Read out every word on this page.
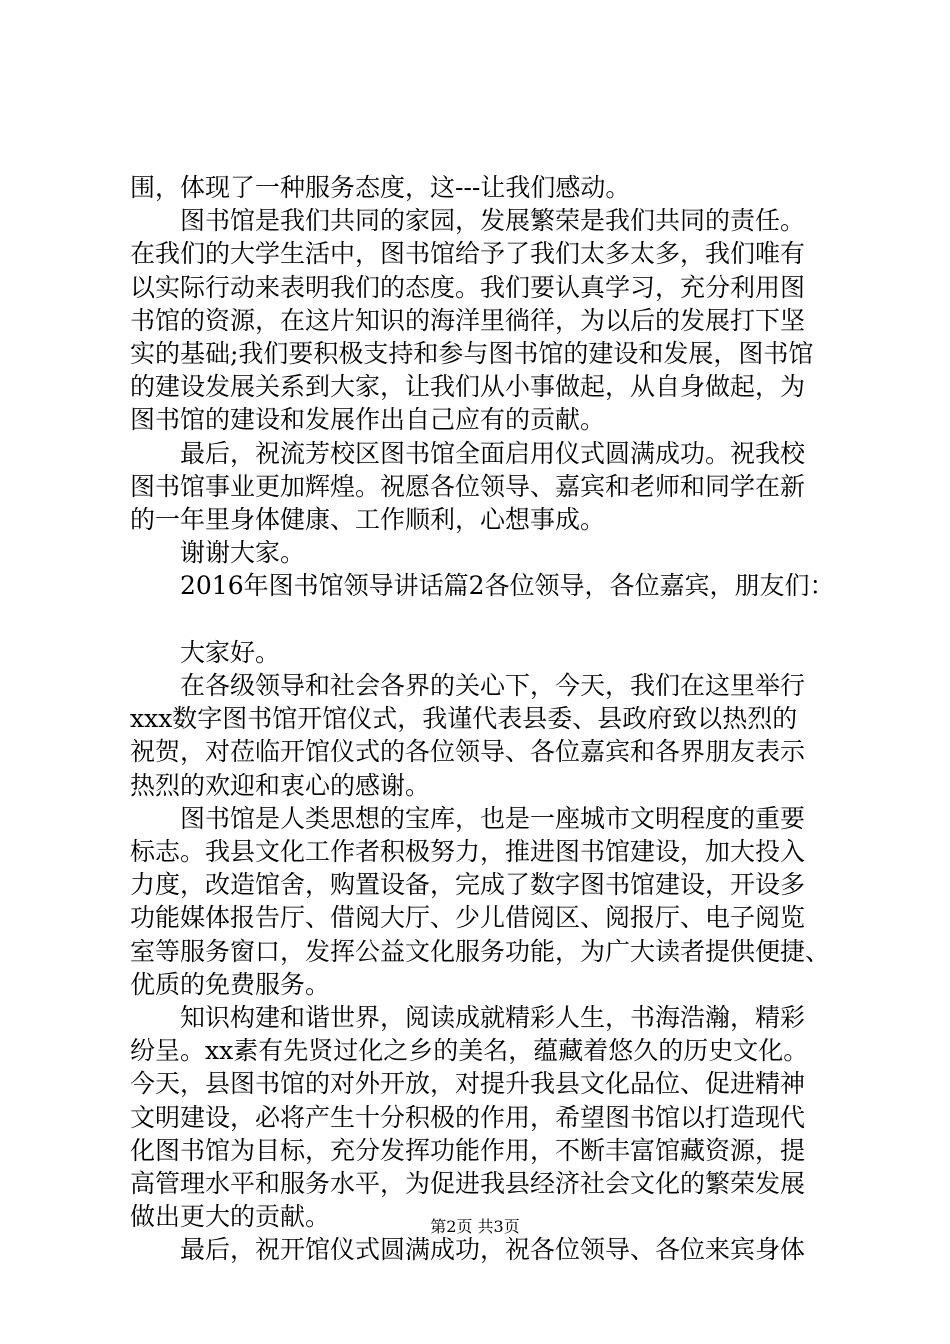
围，体现了一种服务态度，这---让我们感动。
　　图书馆是我们共同的家园，发展繁荣是我们共同的责任。
在我们的大学生活中，图书馆给予了我们太多太多，我们唯有
以实际行动来表明我们的态度。我们要认真学习，充分利用图
书馆的资源，在这片知识的海洋里徜徉，为以后的发展打下坚
实的基础;我们要积极支持和参与图书馆的建设和发展，图书馆
的建设发展关系到大家，让我们从小事做起，从自身做起，为
图书馆的建设和发展作出自己应有的贡献。
　　最后，祝流芳校区图书馆全面启用仪式圆满成功。祝我校
图书馆事业更加辉煌。祝愿各位领导、嘉宾和老师和同学在新
的一年里身体健康、工作顺利，心想事成。
　　谢谢大家。
　　2016年图书馆领导讲话篇2各位领导，各位嘉宾，朋友们：
　　大家好。
　　在各级领导和社会各界的关心下，今天，我们在这里举行
xxx数字图书馆开馆仪式，我谨代表县委、县政府致以热烈的
祝贺，对莅临开馆仪式的各位领导、各位嘉宾和各界朋友表示
热烈的欢迎和衷心的感谢。
　　图书馆是人类思想的宝库，也是一座城市文明程度的重要
标志。我县文化工作者积极努力，推进图书馆建设，加大投入
力度，改造馆舍，购置设备，完成了数字图书馆建设，开设多
功能媒体报告厅、借阅大厅、少儿借阅区、阅报厅、电子阅览
室等服务窗口，发挥公益文化服务功能，为广大读者提供便捷、
优质的免费服务。
　　知识构建和谐世界，阅读成就精彩人生，书海浩瀚，精彩
纷呈。xx素有先贤过化之乡的美名，蕴藏着悠久的历史文化。
今天，县图书馆的对外开放，对提升我县文化品位、促进精神
文明建设，必将产生十分积极的作用，希望图书馆以打造现代
化图书馆为目标，充分发挥功能作用，不断丰富馆藏资源，提
高管理水平和服务水平，为促进我县经济社会文化的繁荣发展
做出更大的贡献。
　　最后，祝开馆仪式圆满成功，祝各位领导、各位来宾身体
第2页 共3页
